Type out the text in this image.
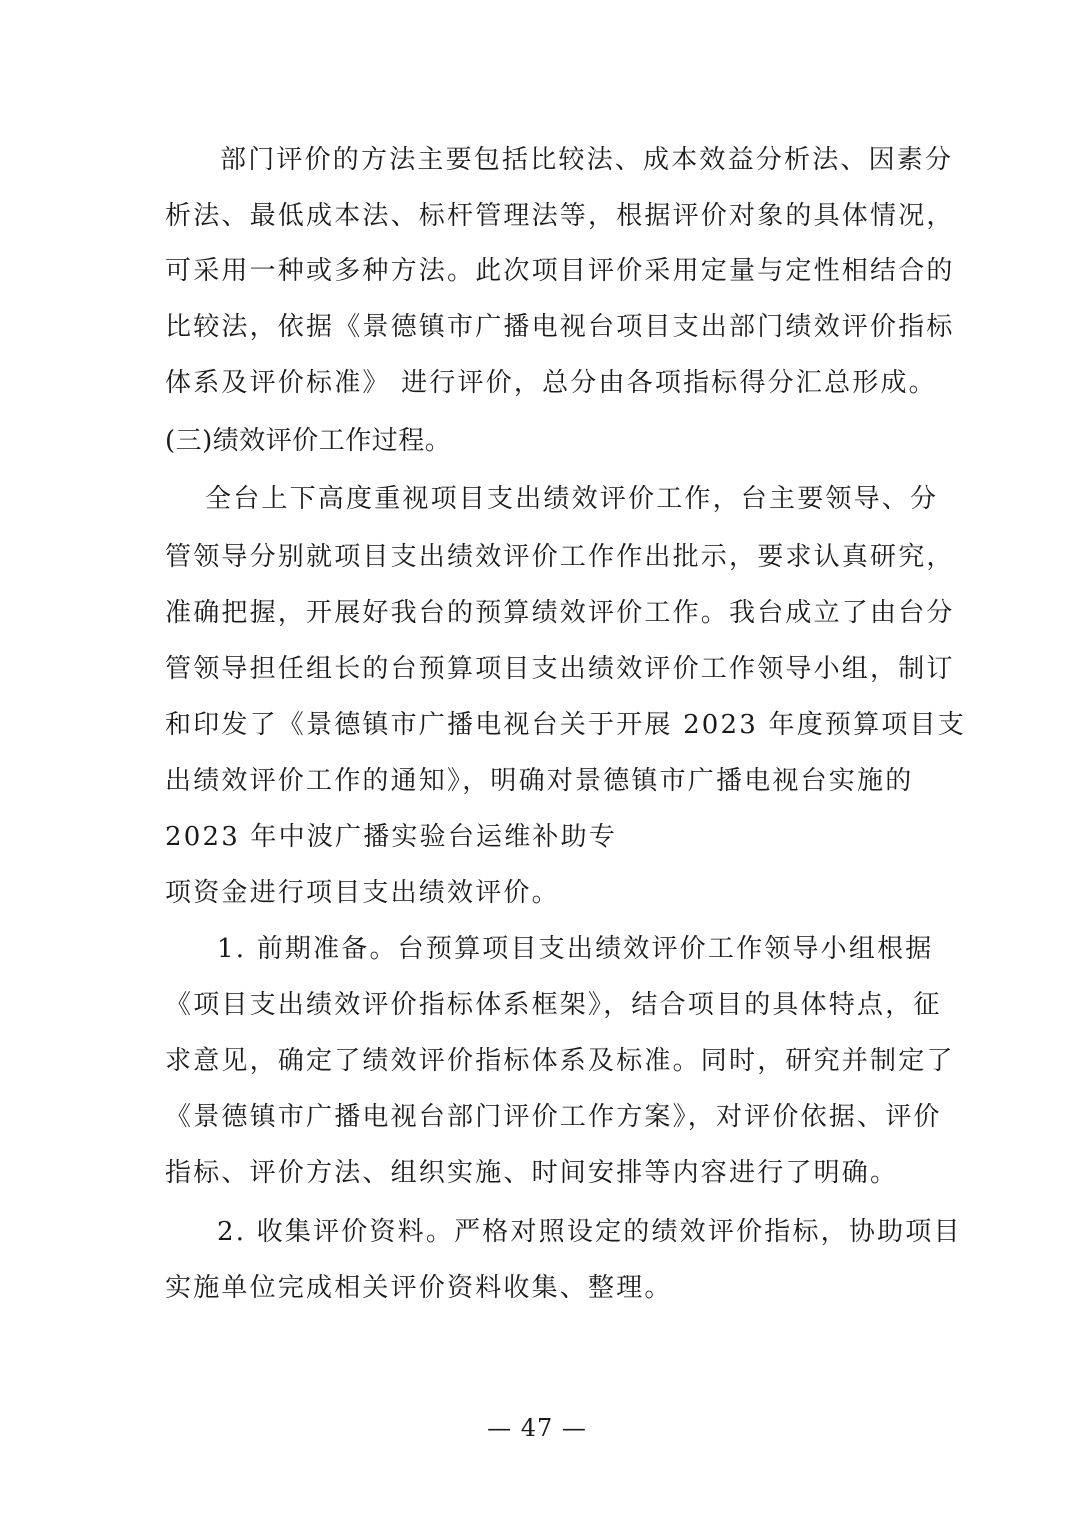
部门评价的方法主要包括比较法、成本效益分析法、因素分
析法、最低成本法、标杆管理法等，根据评价对象的具体情况，
可采用一种或多种方法。此次项目评价采用定量与定性相结合的
比较法，依据《景德镇市广播电视台项目支出部门绩效评价指标
体系及评价标准》 进行评价，总分由各项指标得分汇总形成。
(三)绩效评价工作过程。
全台上下高度重视项目支出绩效评价工作，台主要领导、分
管领导分别就项目支出绩效评价工作作出批示，要求认真研究，
准确把握，开展好我台的预算绩效评价工作。我台成立了由台分
管领导担任组长的台预算项目支出绩效评价工作领导小组，制订
和印发了《景德镇市广播电视台关于开展 2023 年度预算项目支
出绩效评价工作的通知》，明确对景德镇市广播电视台实施的
2023 年中波广播实验台运维补助专
项资金进行项目支出绩效评价。
1. 前期准备。台预算项目支出绩效评价工作领导小组根据
《项目支出绩效评价指标体系框架》，结合项目的具体特点，征
求意见，确定了绩效评价指标体系及标准。同时，研究并制定了
《景德镇市广播电视台部门评价工作方案》，对评价依据、评价
指标、评价方法、组织实施、时间安排等内容进行了明确。
2. 收集评价资料。严格对照设定的绩效评价指标，协助项目
实施单位完成相关评价资料收集、整理。
— 47 —
